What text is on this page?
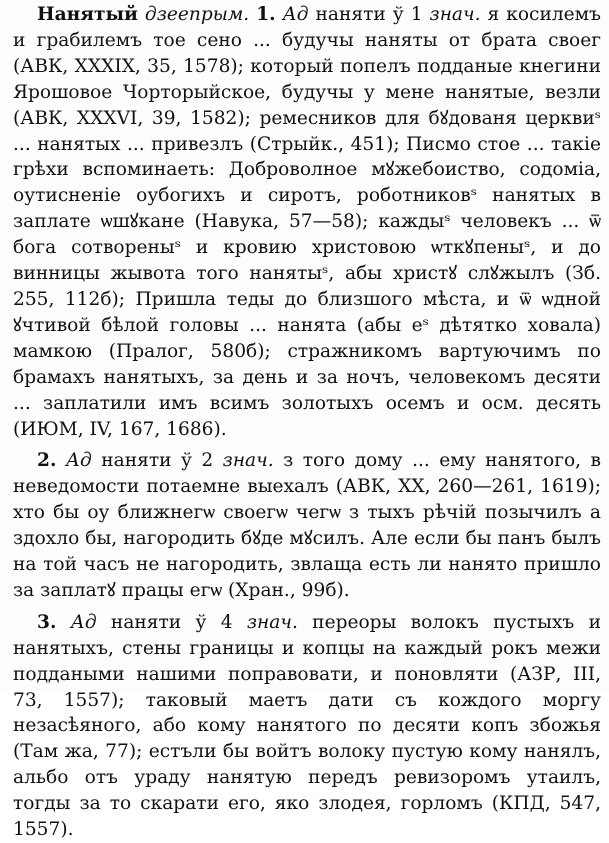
Нанятый дзеeпрым. 1. Ад наняти ў 1 знач. я косилемъ и грабилемъ тое сено ... будучы наняты от брата своег (АВК, XXXIX, 35, 1578); который попелъ подданые кнегини Ярошовое Чорторыйское, будучы у мене нанятые, везли (АВК, XXXVI, 39, 1582); ремесников для бꙋдованя церквиˢ ... нанятых ... привезлъ (Стрыйк., 451); Писмо стое ... такіе грѣхи вспоминаеть: Доброволное мꙋжебоиство, содоміа, оутисненіе оубогихъ и сиротъ, роботниковˢ нанятых в заплате ѡшꙋкане (Навука, 57—58); каждыˢ человекъ ... ѿ бога сотвореныˢ и кровию христовою ѡткꙋпеныˢ, и до винницы жывота того нанятыˢ, абы христꙋ слꙋжылъ (Зб. 255, 112б); Пришла теды до близшого мѣста, и ѿ ѡдной ꙋчтивой бѣлой головы ... нанята (абы еˢ дѣтятко ховала) мамкою (Пралог, 580б); стражникомъ вартуючимъ по брамахъ нанятыхъ, за день и за ночъ, человекомъ десяти ... заплатили имъ всимъ золотыхъ осемъ и осм. десять (ИЮМ, IV, 167, 1686).

2. Ад наняти ў 2 знач. з того дому ... ему нанятого, в неведомости потаемне выехалъ (АВК, XX, 260—261, 1619); хто бы оу ближнегѡ своегѡ чегѡ з тыхъ рѣчій позычилъ а здохло бы, нагородить бꙋде мꙋсилъ. Але если бы панъ былъ на той часъ не нагородить, звлаща есть ли нанято пришло за заплатꙋ працы егѡ (Хран., 99б).

3. Ад наняти ў 4 знач. переоры волокъ пустыхъ и нанятыхъ, стены границы и копцы на каждый рокъ межи поддаными нашими поправовати, и поновляти (АЗР, III, 73, 1557); таковый маетъ дати съ кождого моргу незасѣяного, або кому нанятого по десяти копъ збожья (Там жа, 77); естъли бы войтъ волоку пустую кому нанялъ, альбо отъ ураду нанятую передъ ревизоромъ утаилъ, тогды за то скарати его, яко злодея, горломъ (КПД, 547, 1557).
